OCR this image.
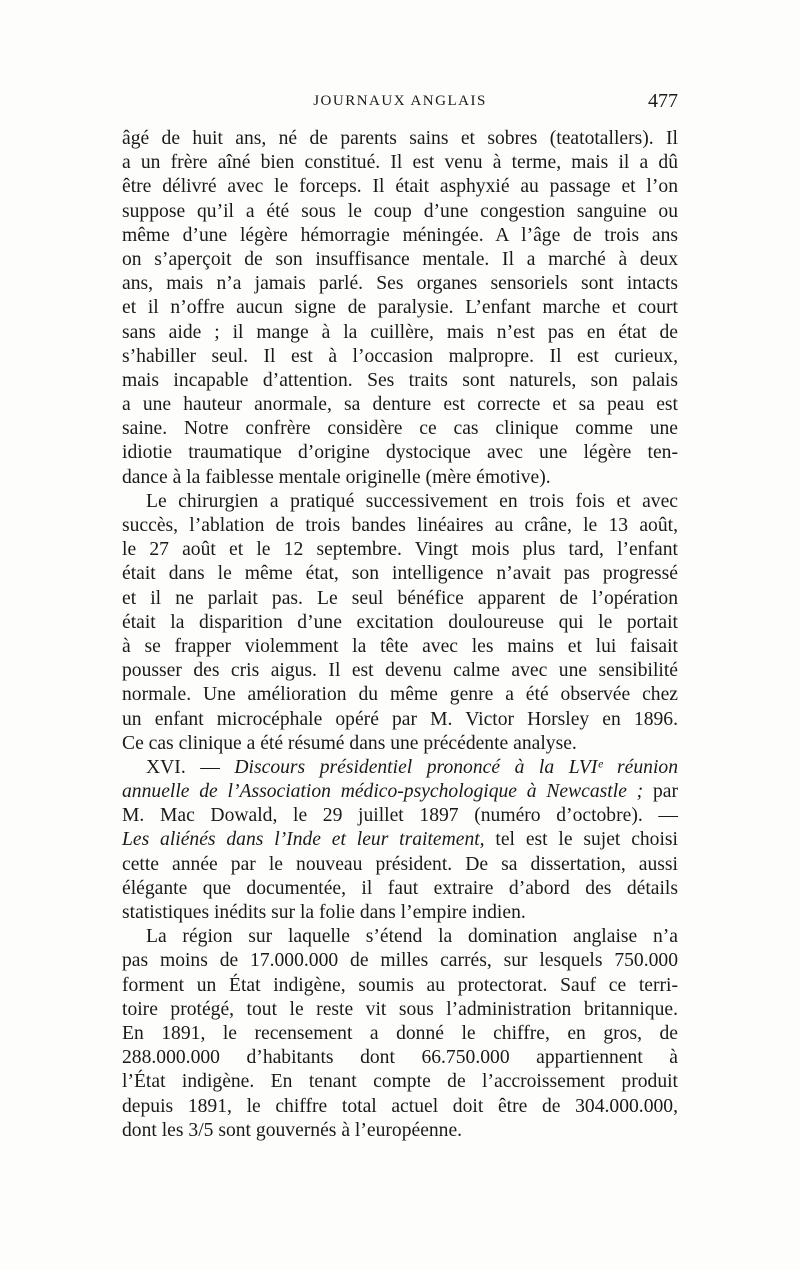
JOURNAUX ANGLAIS	477
âgé de huit ans, né de parents sains et sobres (teatotallers). Il
a un frère aîné bien constitué. Il est venu à terme, mais il a dû
être délivré avec le forceps. Il était asphyxié au passage et l’on
suppose qu’il a été sous le coup d’une congestion sanguine ou
même d’une légère hémorragie méningée. A l’âge de trois ans
on s’aperçoit de son insuffisance mentale. Il a marché à deux
ans, mais n’a jamais parlé. Ses organes sensoriels sont intacts
et il n’offre aucun signe de paralysie. L’enfant marche et court
sans aide ; il mange à la cuillère, mais n’est pas en état de
s’habiller seul. Il est à l’occasion malpropre. Il est curieux,
mais incapable d’attention. Ses traits sont naturels, son palais
a une hauteur anormale, sa denture est correcte et sa peau est
saine. Notre confrère considère ce cas clinique comme une
idiotie traumatique d’origine dystocique avec une légère ten-
dance à la faiblesse mentale originelle (mère émotive).
Le chirurgien a pratiqué successivement en trois fois et avec
succès, l’ablation de trois bandes linéaires au crâne, le 13 août,
le 27 août et le 12 septembre. Vingt mois plus tard, l’enfant
était dans le même état, son intelligence n’avait pas progressé
et il ne parlait pas. Le seul bénéfice apparent de l’opération
était la disparition d’une excitation douloureuse qui le portait
à se frapper violemment la tête avec les mains et lui faisait
pousser des cris aigus. Il est devenu calme avec une sensibilité
normale. Une amélioration du même genre a été observée chez
un enfant microcéphale opéré par M. Victor Horsley en 1896.
Ce cas clinique a été résumé dans une précédente analyse.
XVI. — Discours présidentiel prononcé à la LVIᵉ réunion
annuelle de l’Association médico-psychologique à Newcastle ; par
M. Mac Dowald, le 29 juillet 1897 (numéro d’octobre). —
Les aliénés dans l’Inde et leur traitement, tel est le sujet choisi
cette année par le nouveau président. De sa dissertation, aussi
élégante que documentée, il faut extraire d’abord des détails
statistiques inédits sur la folie dans l’empire indien.
La région sur laquelle s’étend la domination anglaise n’a
pas moins de 17.000.000 de milles carrés, sur lesquels 750.000
forment un État indigène, soumis au protectorat. Sauf ce terri-
toire protégé, tout le reste vit sous l’administration britannique.
En 1891, le recensement a donné le chiffre, en gros, de
288.000.000 d’habitants dont 66.750.000 appartiennent à
l’État indigène. En tenant compte de l’accroissement produit
depuis 1891, le chiffre total actuel doit être de 304.000.000,
dont les 3/5 sont gouvernés à l’européenne.
